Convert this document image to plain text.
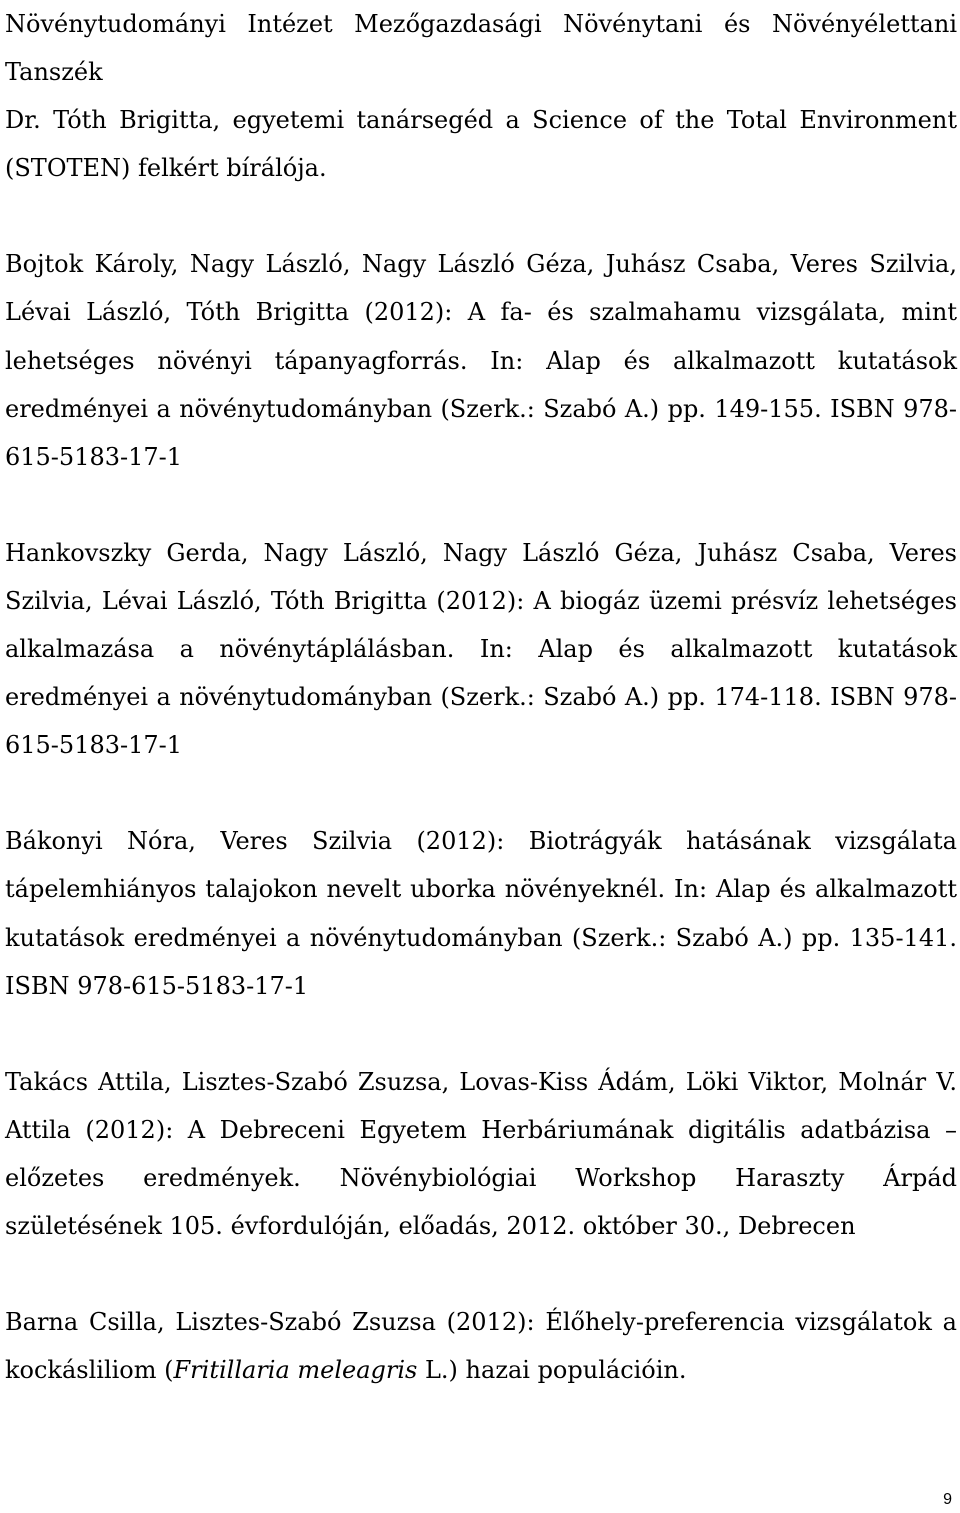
Növénytudományi Intézet Mezőgazdasági Növénytani és Növényélettani Tanszék
Dr. Tóth Brigitta, egyetemi tanársegéd a Science of the Total Environment (STOTEN) felkért bírálója.

Bojtok Károly, Nagy László, Nagy László Géza, Juhász Csaba, Veres Szilvia, Lévai László, Tóth Brigitta (2012): A fa- és szalmahamu vizsgálata, mint lehetséges növényi tápanyagforrás. In: Alap és alkalmazott kutatások eredményei a növénytudományban (Szerk.: Szabó A.) pp. 149-155. ISBN 978-615-5183-17-1

Hankovszky Gerda, Nagy László, Nagy László Géza, Juhász Csaba, Veres Szilvia, Lévai László, Tóth Brigitta (2012): A biogáz üzemi présvíz lehetséges alkalmazása a növénytáplálásban. In: Alap és alkalmazott kutatások eredményei a növénytudományban (Szerk.: Szabó A.) pp. 174-118. ISBN 978-615-5183-17-1

Bákonyi Nóra, Veres Szilvia (2012): Biotrágyák hatásának vizsgálata tápelemhiányos talajokon nevelt uborka növényeknél. In: Alap és alkalmazott kutatások eredményei a növénytudományban (Szerk.: Szabó A.) pp. 135-141. ISBN 978-615-5183-17-1

Takács Attila, Lisztes-Szabó Zsuzsa, Lovas-Kiss Ádám, Löki Viktor, Molnár V. Attila (2012): A Debreceni Egyetem Herbáriumának digitális adatbázisa – előzetes eredmények. Növénybiológiai Workshop Haraszty Árpád születésének 105. évfordulóján, előadás, 2012. október 30., Debrecen

Barna Csilla, Lisztes-Szabó Zsuzsa (2012): Élőhely-preferencia vizsgálatok a kockásliliom (Fritillaria meleagris L.) hazai populációin.

9
